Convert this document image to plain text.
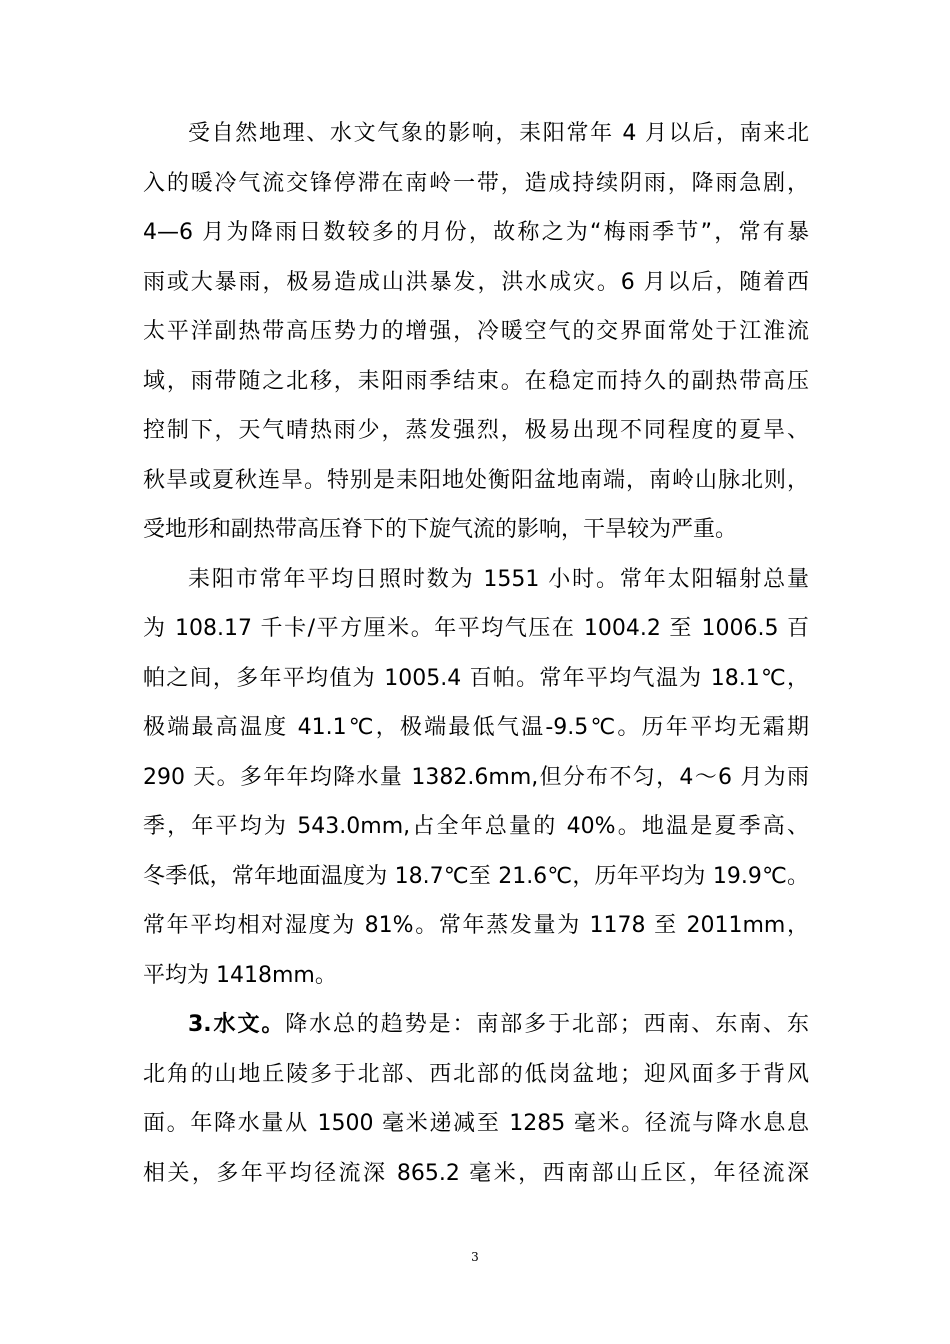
受自然地理、水文气象的影响，耒阳常年 4 月以后，南来北
入的暖冷气流交锋停滞在南岭一带，造成持续阴雨，降雨急剧，
4—6 月为降雨日数较多的月份，故称之为“梅雨季节”，常有暴
雨或大暴雨，极易造成山洪暴发，洪水成灾。6 月以后，随着西
太平洋副热带高压势力的增强，冷暖空气的交界面常处于江淮流
域，雨带随之北移，耒阳雨季结束。在稳定而持久的副热带高压
控制下，天气晴热雨少，蒸发强烈，极易出现不同程度的夏旱、
秋旱或夏秋连旱。特别是耒阳地处衡阳盆地南端，南岭山脉北则，
受地形和副热带高压脊下的下旋气流的影响，干旱较为严重。
耒阳市常年平均日照时数为 1551 小时。常年太阳辐射总量
为 108.17 千卡/平方厘米。年平均气压在 1004.2 至 1006.5 百
帕之间，多年平均值为 1005.4 百帕。常年平均气温为 18.1℃，
极端最高温度 41.1℃，极端最低气温-9.5℃。历年平均无霜期
290 天。多年年均降水量 1382.6mm,但分布不匀，4～6 月为雨
季，年平均为 543.0mm,占全年总量的 40%。地温是夏季高、
冬季低，常年地面温度为 18.7℃至 21.6℃，历年平均为 19.9℃。
常年平均相对湿度为 81%。常年蒸发量为 1178 至 2011mm，
平均为 1418mm。
3.水文。降水总的趋势是：南部多于北部；西南、东南、东
北角的山地丘陵多于北部、西北部的低岗盆地；迎风面多于背风
面。年降水量从 1500 毫米递减至 1285 毫米。径流与降水息息
相关，多年平均径流深 865.2 毫米，西南部山丘区，年径流深
3
